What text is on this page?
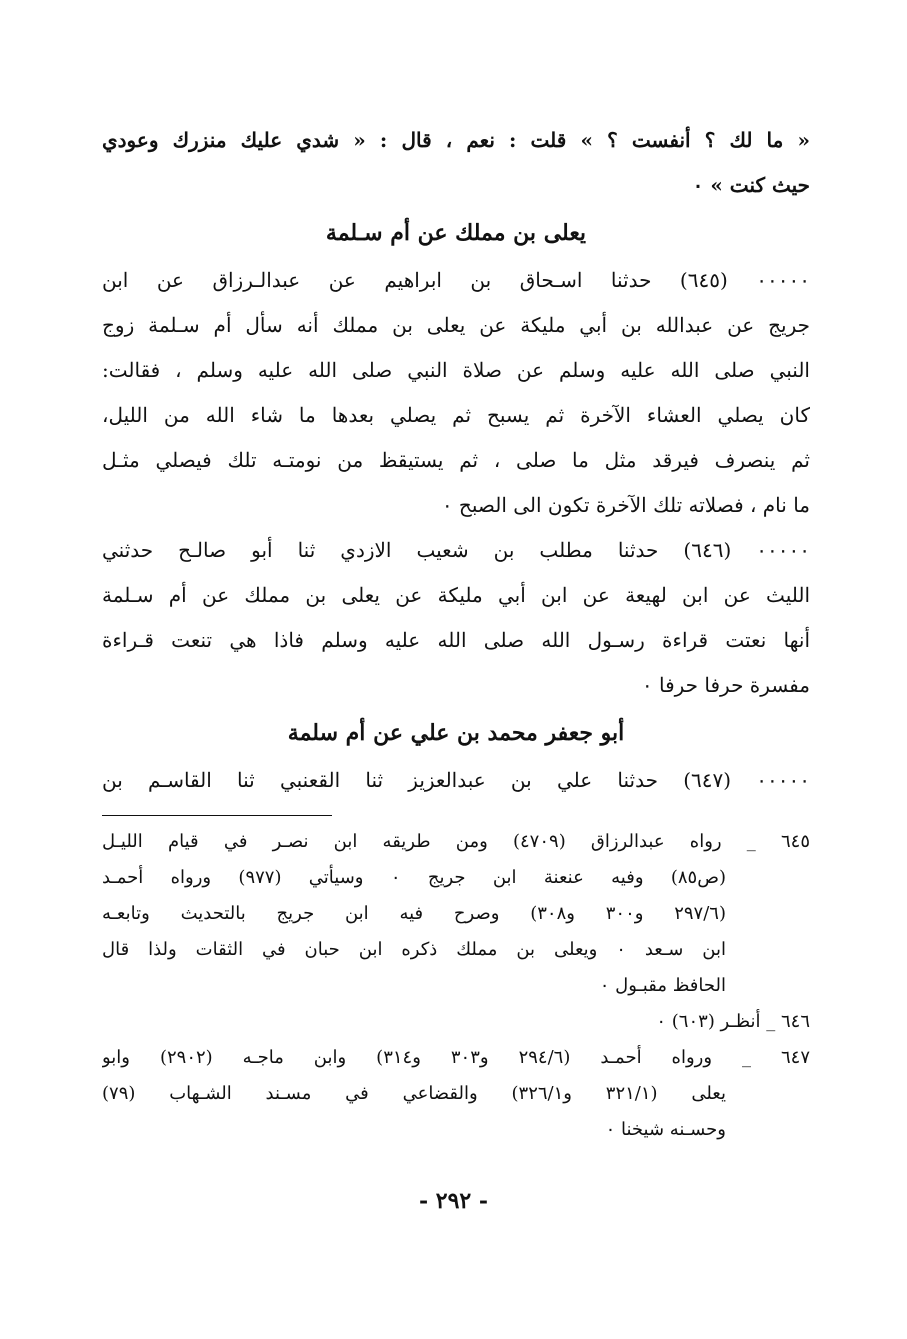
« ما لك ؟ أنفست ؟ » قلت : نعم ، قال : « شدي عليك منزرك وعودي
حيث كنت » ٠
يعلى بن مملك عن أم سـلمة
٠٠٠٠٠ (٦٤٥) حدثنا اسـحاق بن ابراهيم عن عبدالـرزاق عن ابن
جريج عن عبدالله بن أبي مليكة عن يعلى بن مملك أنه سأل أم سـلمة زوج
النبي صلى الله عليه وسلم عن صلاة النبي صلى الله عليه وسلم ، فقالت:
كان يصلي العشاء الآخرة ثم يسبح ثم يصلي بعدها ما شاء الله من الليل،
ثم ينصرف فيرقد مثل ما صلى ، ثم يستيقظ من نومتـه تلك فيصلي مثـل
ما نام ، فصلاته تلك الآخرة تكون الى الصبح ٠
٠٠٠٠٠ (٦٤٦) حدثنا مطلب بن شعيب الازدي ثنا أبو صالـح حدثني
الليث عن ابن لهيعة عن ابن أبي مليكة عن يعلى بن مملك عن أم سـلمة
أنها نعتت قراءة رسـول الله صلى الله عليه وسلم فاذا هي تنعت قـراءة
مفسرة حرفا حرفا ٠
أبو جعفر محمد بن علي عن أم سلمة
٠٠٠٠٠ (٦٤٧) حدثنا علي بن عبدالعزيز ثنا القعنبي ثنا القاسـم بن
٦٤٥ _ رواه عبدالرزاق (٤٧٠٩) ومن طريقه ابن نصـر في قيام الليـل
(ص٨٥) وفيه عنعنة ابن جريج ٠ وسيأتي (٩٧٧) ورواه أحمـد
(٢٩٧/٦ و٣٠٠ و٣٠٨) وصرح فيه ابن جريج بالتحديث وتابعـه
ابن سـعد ٠ ويعلى بن مملك ذكره ابن حبان في الثقات ولذا قال
الحافظ مقبـول ٠
٦٤٦ _ أنظـر (٦٠٣) ٠
٦٤٧ _ ورواه أحمـد (٢٩٤/٦ و٣٠٣ و٣١٤) وابن ماجـه (٢٩٠٢) وابو
يعلى (٣٢١/١ و٣٢٦/١) والقضاعي في مسـند الشـهاب (٧٩)
وحسـنه شيخنا ٠
- ٢٩٢ -
